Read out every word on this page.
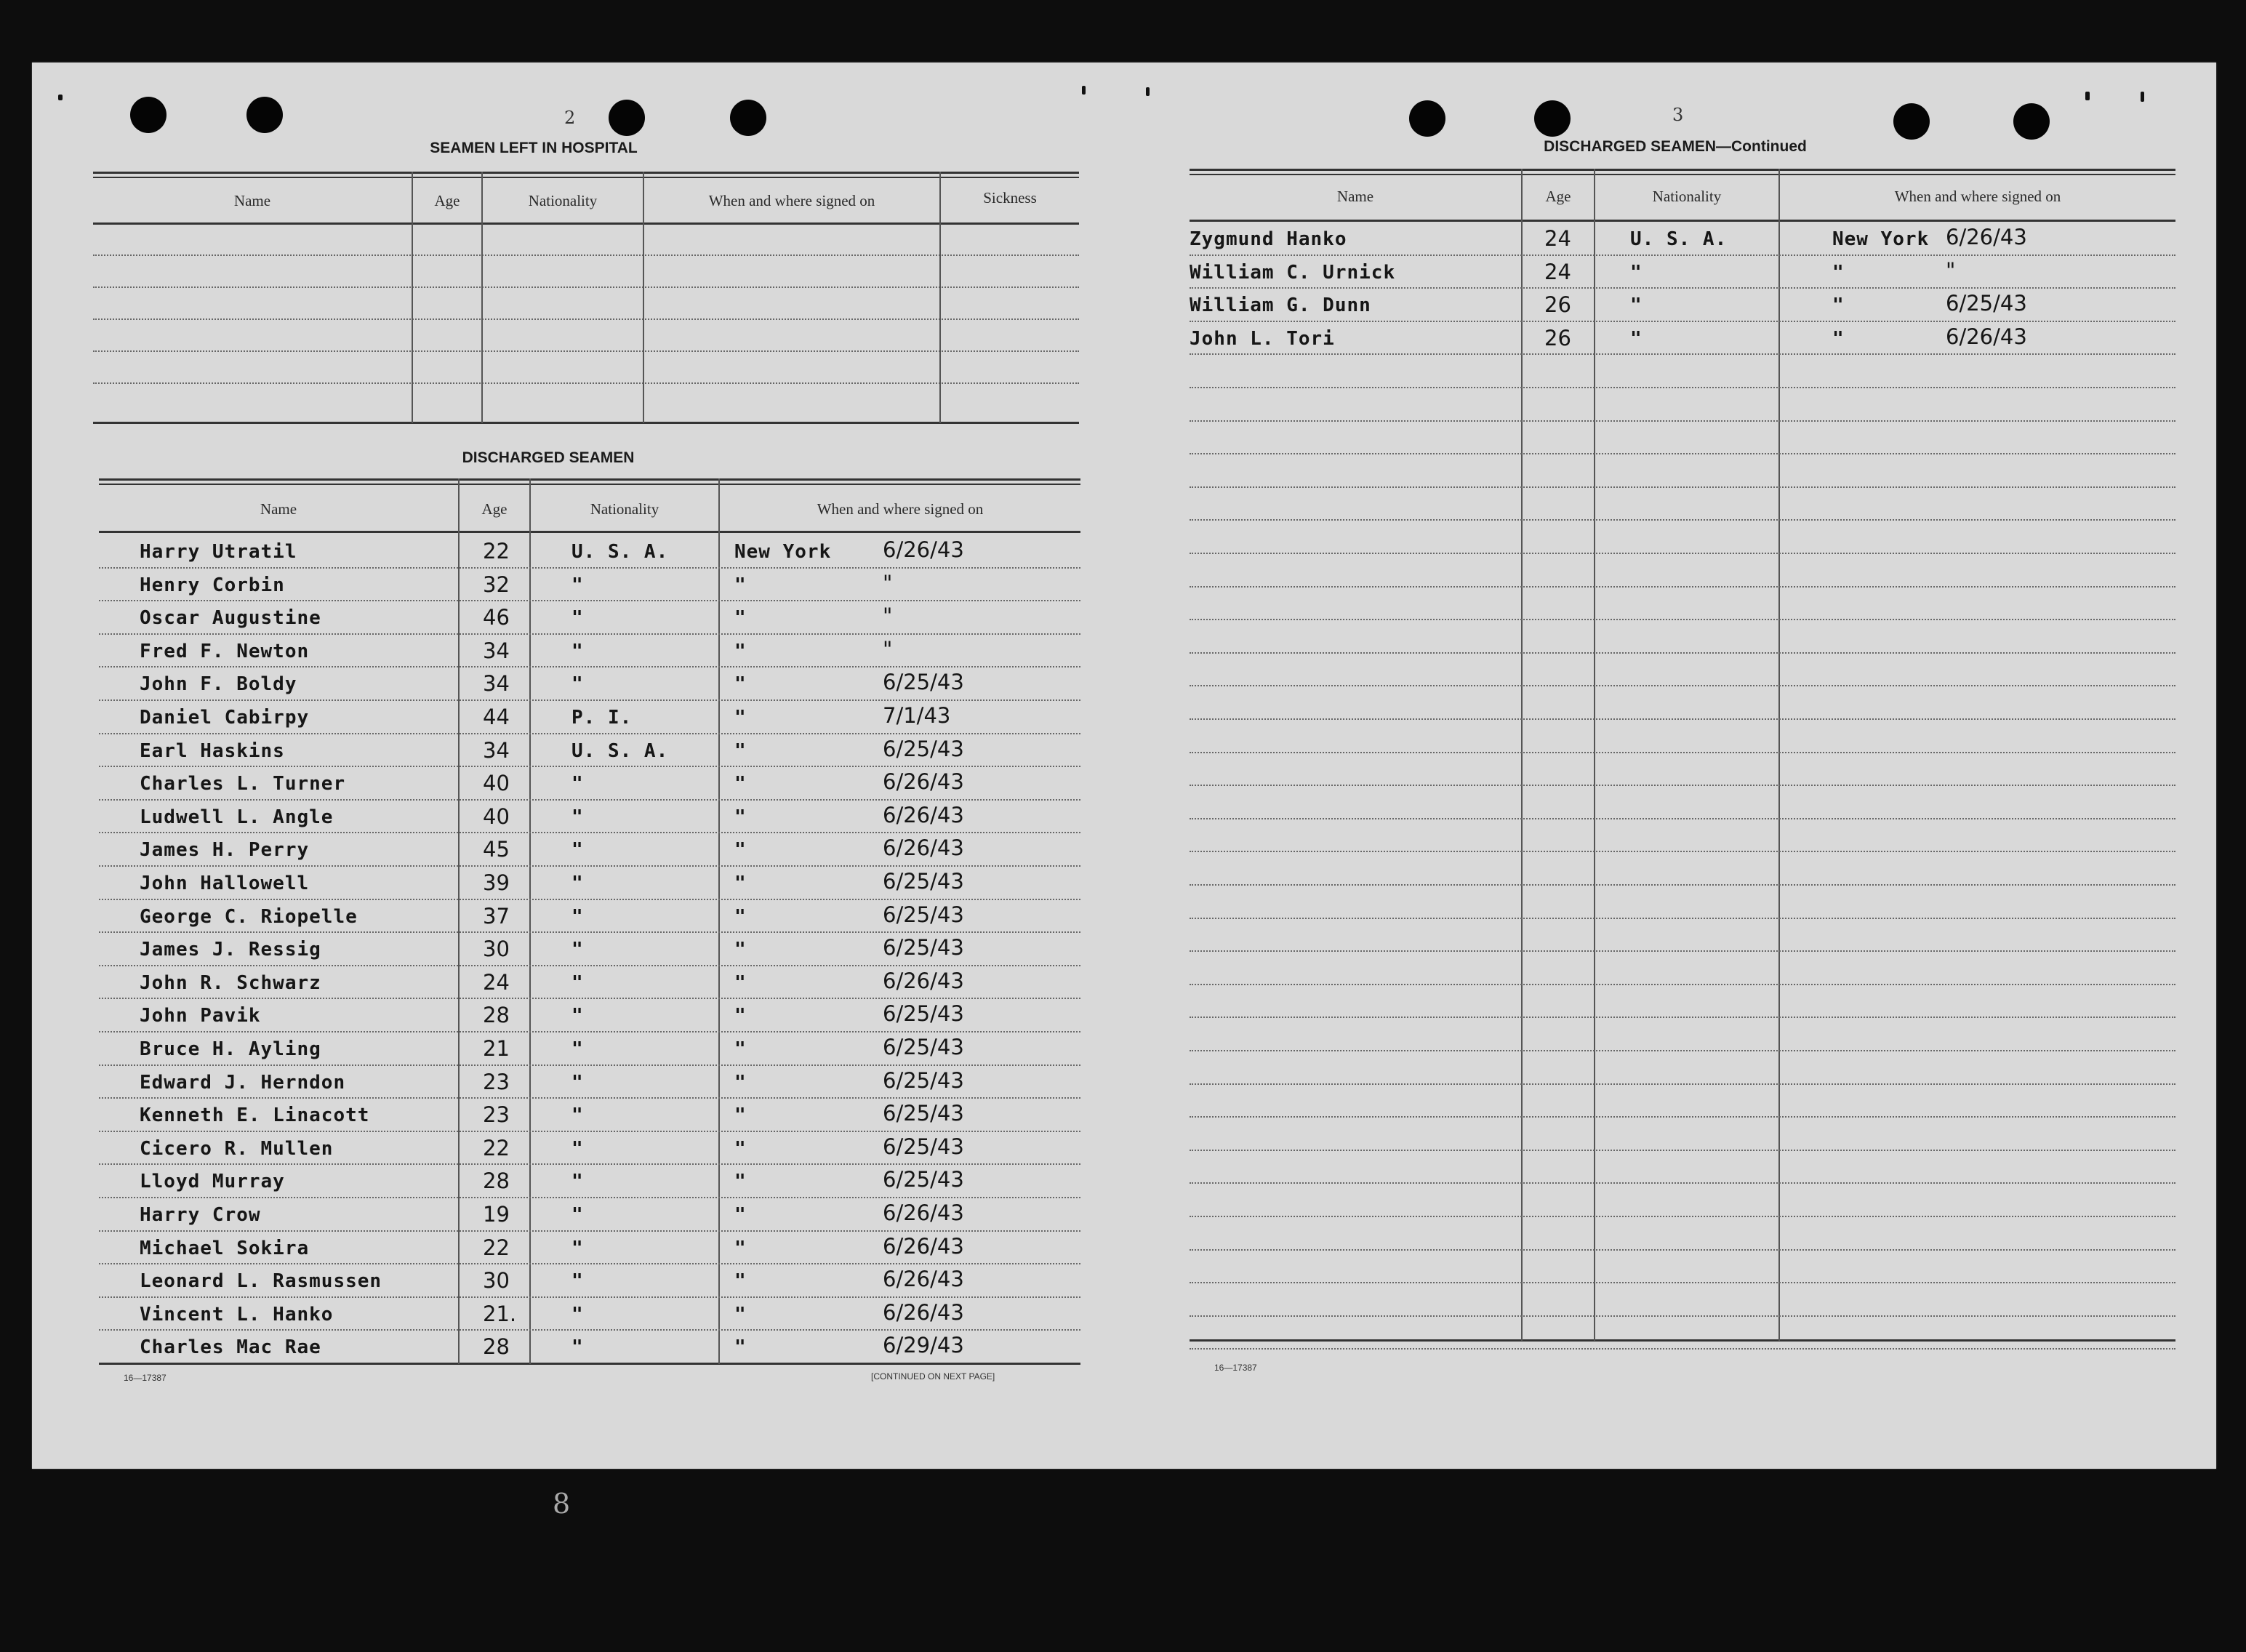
2
SEAMEN LEFT IN HOSPITAL
Name	Age	Nationality	When and where signed on	Sickness
DISCHARGED SEAMEN
Name	Age	Nationality	When and where signed on
Harry Utratil	22	U. S. A.	New York 6/26/43
Henry Corbin	32	"	"	"
Oscar Augustine	46	"	"	"
Fred F. Newton	34	"	"	"
John F. Boldy	34	"	"	6/25/43
Daniel Cabirpy	44	P. I.	"	7/1/43
Earl Haskins	34	U. S. A.	"	6/25/43
Charles L. Turner	40	"	"	6/26/43
Ludwell L. Angle	40	"	"	6/26/43
James H. Perry	45	"	"	6/26/43
John Hallowell	39	"	"	6/25/43
George C. Riopelle	37	"	"	6/25/43
James J. Ressig	30	"	"	6/25/43
John R. Schwarz	24	"	"	6/26/43
John Pavik	28	"	"	6/25/43
Bruce H. Ayling	21	"	"	6/25/43
Edward J. Herndon	23	"	"	6/25/43
Kenneth E. Linacott	23	"	"	6/25/43
Cicero R. Mullen	22	"	"	6/25/43
Lloyd Murray	28	"	"	6/25/43
Harry Crow	19	"	"	6/26/43
Michael Sokira	22	"	"	6/26/43
Leonard L. Rasmussen	30	"	"	6/26/43
Vincent L. Hanko	21.	"	"	6/26/43
Charles Mac Rae	28	"	"	6/29/43
16—17387	[CONTINUED ON NEXT PAGE]
3
DISCHARGED SEAMEN—Continued
Name	Age	Nationality	When and where signed on
Zygmund Hanko	24	U. S. A.	New York 6/26/43
William C. Urnick	24	"	"	"
William G. Dunn	26	"	"	6/25/43
John L. Tori	26	"	"	6/26/43
16—17387
8
